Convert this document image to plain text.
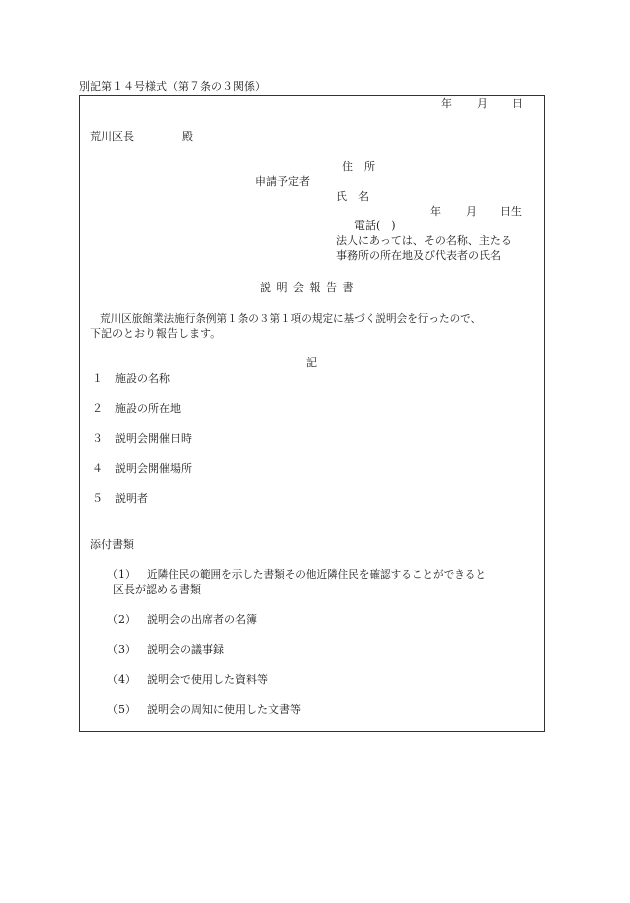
別記第１４号様式（第７条の３関係）
年 月 日
荒川区長	殿
住　所
申請予定者
氏　名
年 月 日生
電話(　)
法人にあっては、その名称、主たる
事務所の所在地及び代表者の氏名
説 明 会 報 告 書
荒川区旅館業法施行条例第１条の３第１項の規定に基づく説明会を行ったので、
下記のとおり報告します。
記
１ 施設の名称
２ 施設の所在地
３ 説明会開催日時
４ 説明会開催場所
５ 説明者
添付書類
（1） 近隣住民の範囲を示した書類その他近隣住民を確認することができると
区長が認める書類
（2） 説明会の出席者の名簿
（3） 説明会の議事録
（4） 説明会で使用した資料等
（5） 説明会の周知に使用した文書等
